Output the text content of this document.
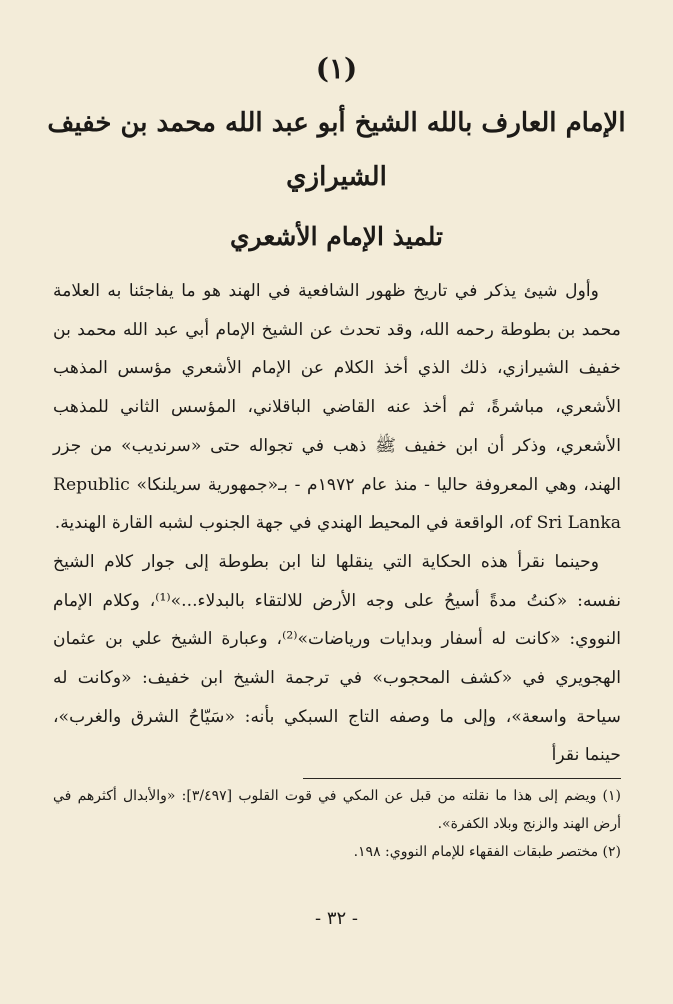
(١)
الإمام العارف بالله الشيخ أبو عبد الله محمد بن خفيف
الشيرازي
تلميذ الإمام الأشعري

وأول شيئ يذكر في تاريخ ظهور الشافعية في الهند هو ما يفاجئنا به العلامة محمد بن بطوطة رحمه الله، وقد تحدث عن الشيخ الإمام أبي عبد الله محمد بن خفيف الشيرازي، ذلك الذي أخذ الكلام عن الإمام الأشعري مؤسس المذهب الأشعري، مباشرةً، ثم أخذ عنه القاضي الباقلاني، المؤسس الثاني للمذهب الأشعري، وذكر أن ابن خفيف ﷺ ذهب في تجواله حتى «سرنديب» من جزر الهند، وهي المعروفة حاليا - منذ عام ١٩٧٢م - بـ«جمهورية سريلنكا» Republic of Sri Lanka، الواقعة في المحيط الهندي في جهة الجنوب لشبه القارة الهندية.

وحينما نقرأ هذه الحكاية التي ينقلها لنا ابن بطوطة إلى جوار كلام الشيخ نفسه: «كنتُ مدةً أسيحُ على وجه الأرض للالتقاء بالبدلاء...»⁽¹⁾، وكلام الإمام النووي: «كانت له أسفار وبدايات ورياضات»⁽²⁾، وعبارة الشيخ علي بن عثمان الهجويري في «كشف المحجوب» في ترجمة الشيخ ابن خفيف: «وكانت له سياحة واسعة»، وإلى ما وصفه التاج السبكي بأنه: «سَيّاحُ الشرق والغرب»، حينما نقرأ

(١) ويضم إلى هذا ما نقلته من قبل عن المكي في قوت القلوب [٣/٤٩٧]: «والأبدال أكثرهم في أرض الهند والزنج وبلاد الكفرة».

(٢) مختصر طبقات الفقهاء للإمام النووي: ١٩٨.

- ٣٢ -
